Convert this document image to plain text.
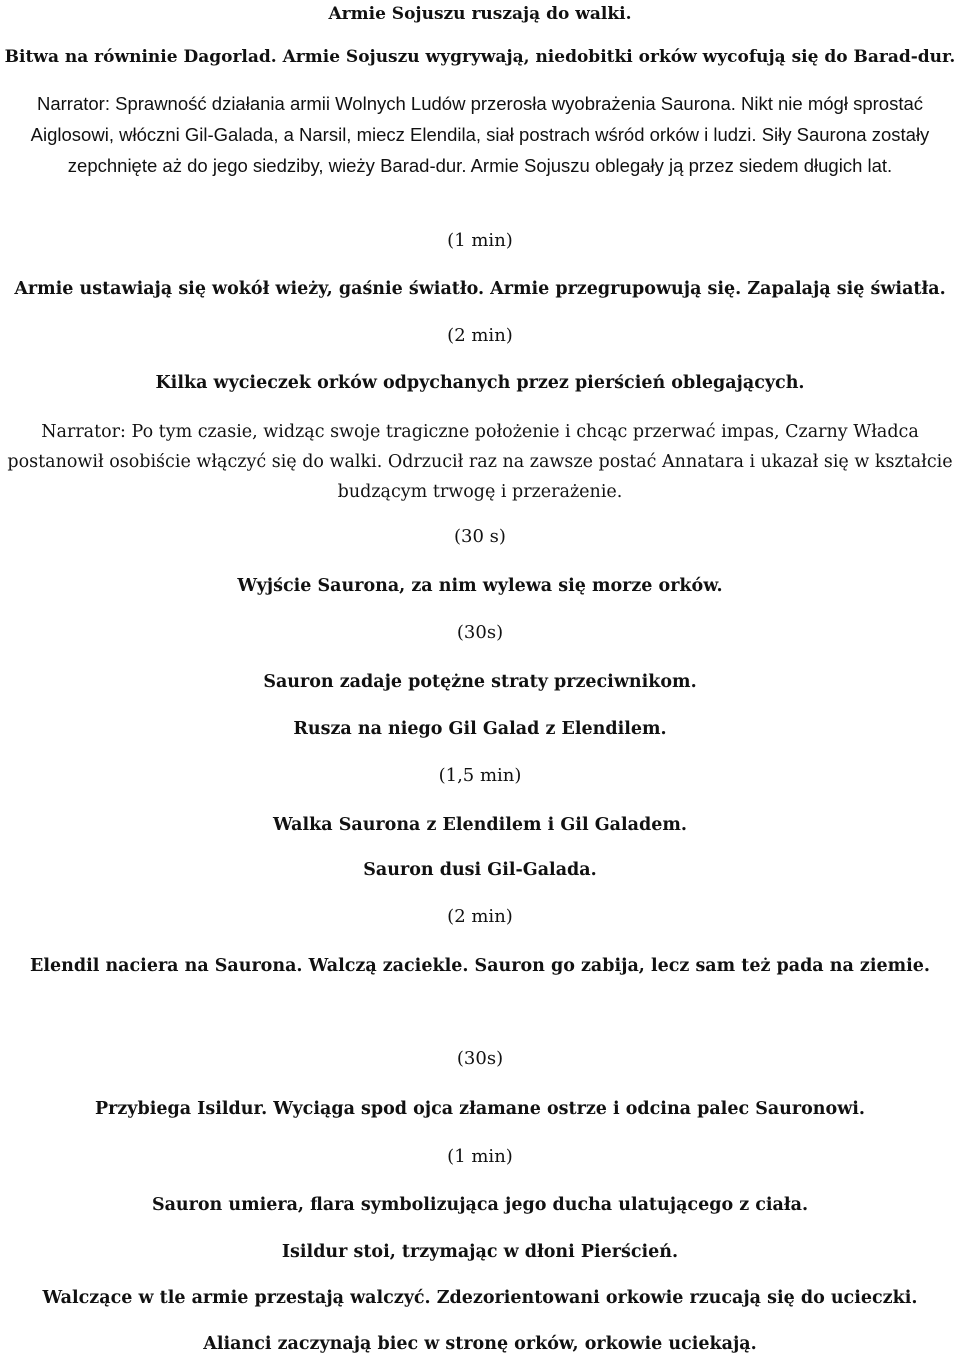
Armie Sojuszu ruszają do walki.
Bitwa na równinie Dagorlad. Armie Sojuszu wygrywają, niedobitki orków wycofują się do Barad-dur.
Narrator: Sprawność działania armii Wolnych Ludów przerosła wyobrażenia Saurona. Nikt nie mógł sprostać Aiglosowi, włóczni Gil-Galada, a Narsil, miecz Elendila, siał postrach wśród orków i ludzi. Siły Saurona zostały zepchnięte aż do jego siedziby, wieży Barad-dur. Armie Sojuszu oblegały ją przez siedem długich lat.
(1 min)
Armie ustawiają się wokół wieży, gaśnie światło. Armie przegrupowują się. Zapalają się światła.
(2 min)
Kilka wycieczek orków odpychanych przez pierścień oblegających.
Narrator: Po tym czasie, widząc swoje tragiczne położenie i chcąc przerwać impas, Czarny Władca postanowił osobiście włączyć się do walki. Odrzucił raz na zawsze postać Annatara i ukazał się w kształcie budzącym trwogę i przerażenie.
(30 s)
Wyjście Saurona, za nim wylewa się morze orków.
(30s)
Sauron zadaje potężne straty przeciwnikom.
Rusza na niego Gil Galad z Elendilem.
(1,5 min)
Walka Saurona z Elendilem i Gil Galadem.
Sauron dusi Gil-Galada.
(2 min)
Elendil naciera na Saurona. Walczą zaciekle. Sauron go zabija, lecz sam też pada na ziemie.
(30s)
Przybiega Isildur. Wyciąga spod ojca złamane ostrze i odcina palec Sauronowi.
(1 min)
Sauron umiera, flara symbolizująca jego ducha ulatującego z ciała.
Isildur stoi, trzymając w dłoni Pierścień.
Walczące w tle armie przestają walczyć. Zdezorientowani orkowie rzucają się do ucieczki.
Alianci zaczynają biec w stronę orków, orkowie uciekają.
